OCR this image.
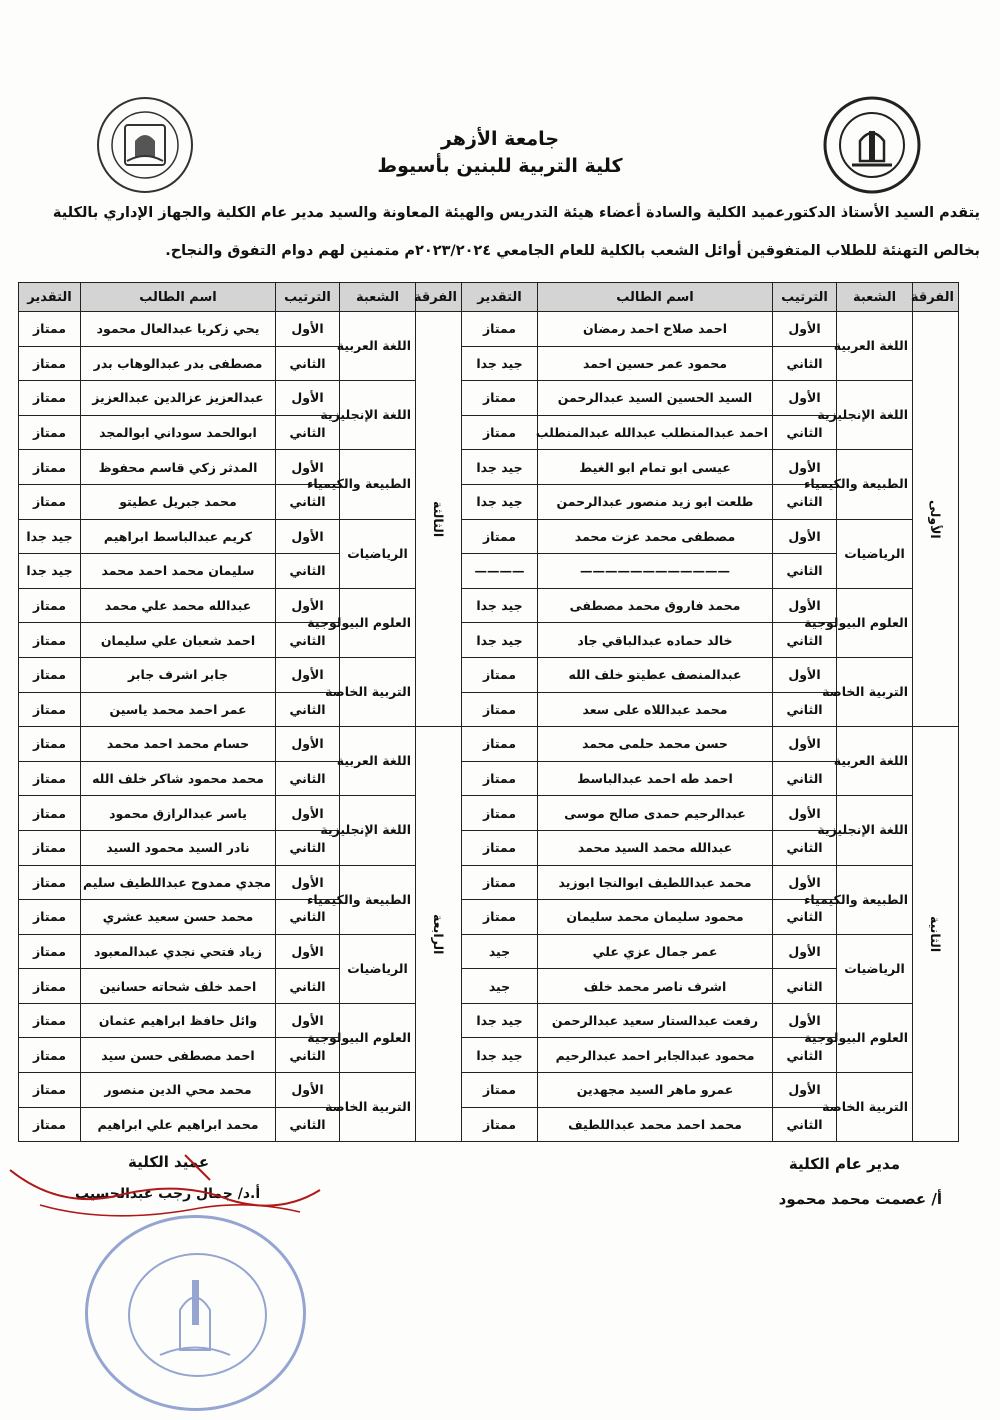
جامعة الأزهر
كلية التربية للبنين بأسيوط
يتقدم السيد الأستاذ الدكتورعميد الكلية والسادة أعضاء هيئة التدريس والهيئة المعاونة والسيد مدير عام الكلية والجهاز الإداري بالكلية
بخالص التهنئة للطلاب المتفوقين أوائل الشعب بالكلية للعام الجامعي ٢٠٢٣/٢٠٢٤م متمنين لهم دوام التفوق والنجاح.
الفرقة	الشعبة	الترتيب	اسم الطالب	التقدير	الفرقة	الشعبة	الترتيب	اسم الطالب	التقدير
الأولى	اللغة العربية	الأول	احمد صلاح احمد رمضان	ممتاز	الثالثة	اللغة العربية	الأول	يحي زكريا عبدالعال محمود	ممتاز
		الثاني	محمود عمر حسين احمد	جيد جدا			الثاني	مصطفى بدر عبدالوهاب بدر	ممتاز
	اللغة الإنجليزية	الأول	السيد الحسين السيد عبدالرحمن	ممتاز		اللغة الإنجليزية	الأول	عبدالعزيز عزالدين عبدالعزيز	ممتاز
		الثاني	احمد عبدالمنطلب عبدالله عبدالمنطلب	ممتاز			الثاني	ابوالحمد سوداني ابوالمجد	ممتاز
	الطبيعة والكيمياء	الأول	عيسى ابو تمام ابو الغيط	جيد جدا		الطبيعة والكيمياء	الأول	المدثر زكي قاسم محفوظ	ممتاز
		الثاني	طلعت ابو زيد منصور عبدالرحمن	جيد جدا			الثاني	محمد جبريل عطيتو	ممتاز
	الرياضيات	الأول	مصطفى محمد عزت محمد	ممتاز		الرياضيات	الأول	كريم عبدالباسط ابراهيم	جيد جدا
		الثاني	————————————	————			الثاني	سليمان محمد احمد محمد	جيد جدا
	العلوم البيولوجية	الأول	محمد فاروق محمد مصطفى	جيد جدا		العلوم البيولوجية	الأول	عبدالله محمد علي محمد	ممتاز
		الثاني	خالد حماده عبدالباقي جاد	جيد جدا			الثاني	احمد شعبان علي سليمان	ممتاز
	التربية الخاصة	الأول	عبدالمنصف عطيتو خلف الله	ممتاز		التربية الخاصة	الأول	جابر اشرف جابر	ممتاز
		الثاني	محمد عبداللاه على سعد	ممتاز			الثاني	عمر احمد محمد ياسين	ممتاز
الثانية	اللغة العربية	الأول	حسن محمد حلمى محمد	ممتاز	الرابعة	اللغة العربية	الأول	حسام محمد احمد محمد	ممتاز
		الثاني	احمد طه احمد عبدالباسط	ممتاز			الثاني	محمد محمود شاكر خلف الله	ممتاز
	اللغة الإنجليزية	الأول	عبدالرحيم حمدى صالح موسى	ممتاز		اللغة الإنجليزية	الأول	ياسر عبدالرازق محمود	ممتاز
		الثاني	عبدالله محمد السيد محمد	ممتاز			الثاني	نادر السيد محمود السيد	ممتاز
	الطبيعة والكيمياء	الأول	محمد عبداللطيف ابوالنجا ابوزيد	ممتاز		الطبيعة والكيمياء	الأول	مجدي ممدوح عبداللطيف سليم	ممتاز
		الثاني	محمود سليمان محمد سليمان	ممتاز			الثاني	محمد حسن سعيد عشري	ممتاز
	الرياضيات	الأول	عمر جمال عزي علي	جيد		الرياضيات	الأول	زياد فتحي نجدي عبدالمعبود	ممتاز
		الثاني	اشرف ناصر محمد خلف	جيد			الثاني	احمد خلف شحاته حسانين	ممتاز
	العلوم البيولوجية	الأول	رفعت عبدالستار سعيد عبدالرحمن	جيد جدا		العلوم البيولوجية	الأول	وائل حافظ ابراهيم عثمان	ممتاز
		الثاني	محمود عبدالجابر احمد عبدالرحيم	جيد جدا			الثاني	احمد مصطفى حسن سيد	ممتاز
	التربية الخاصة	الأول	عمرو ماهر السيد مجهدين	ممتاز		التربية الخاصة	الأول	محمد محي الدين منصور	ممتاز
		الثاني	محمد احمد محمد عبداللطيف	ممتاز			الثاني	محمد ابراهيم علي ابراهيم	ممتاز
مدير عام الكلية
أ/ عصمت محمد محمود
عميد الكلية
أ.د/ جمال رجب عبدالحسيب
